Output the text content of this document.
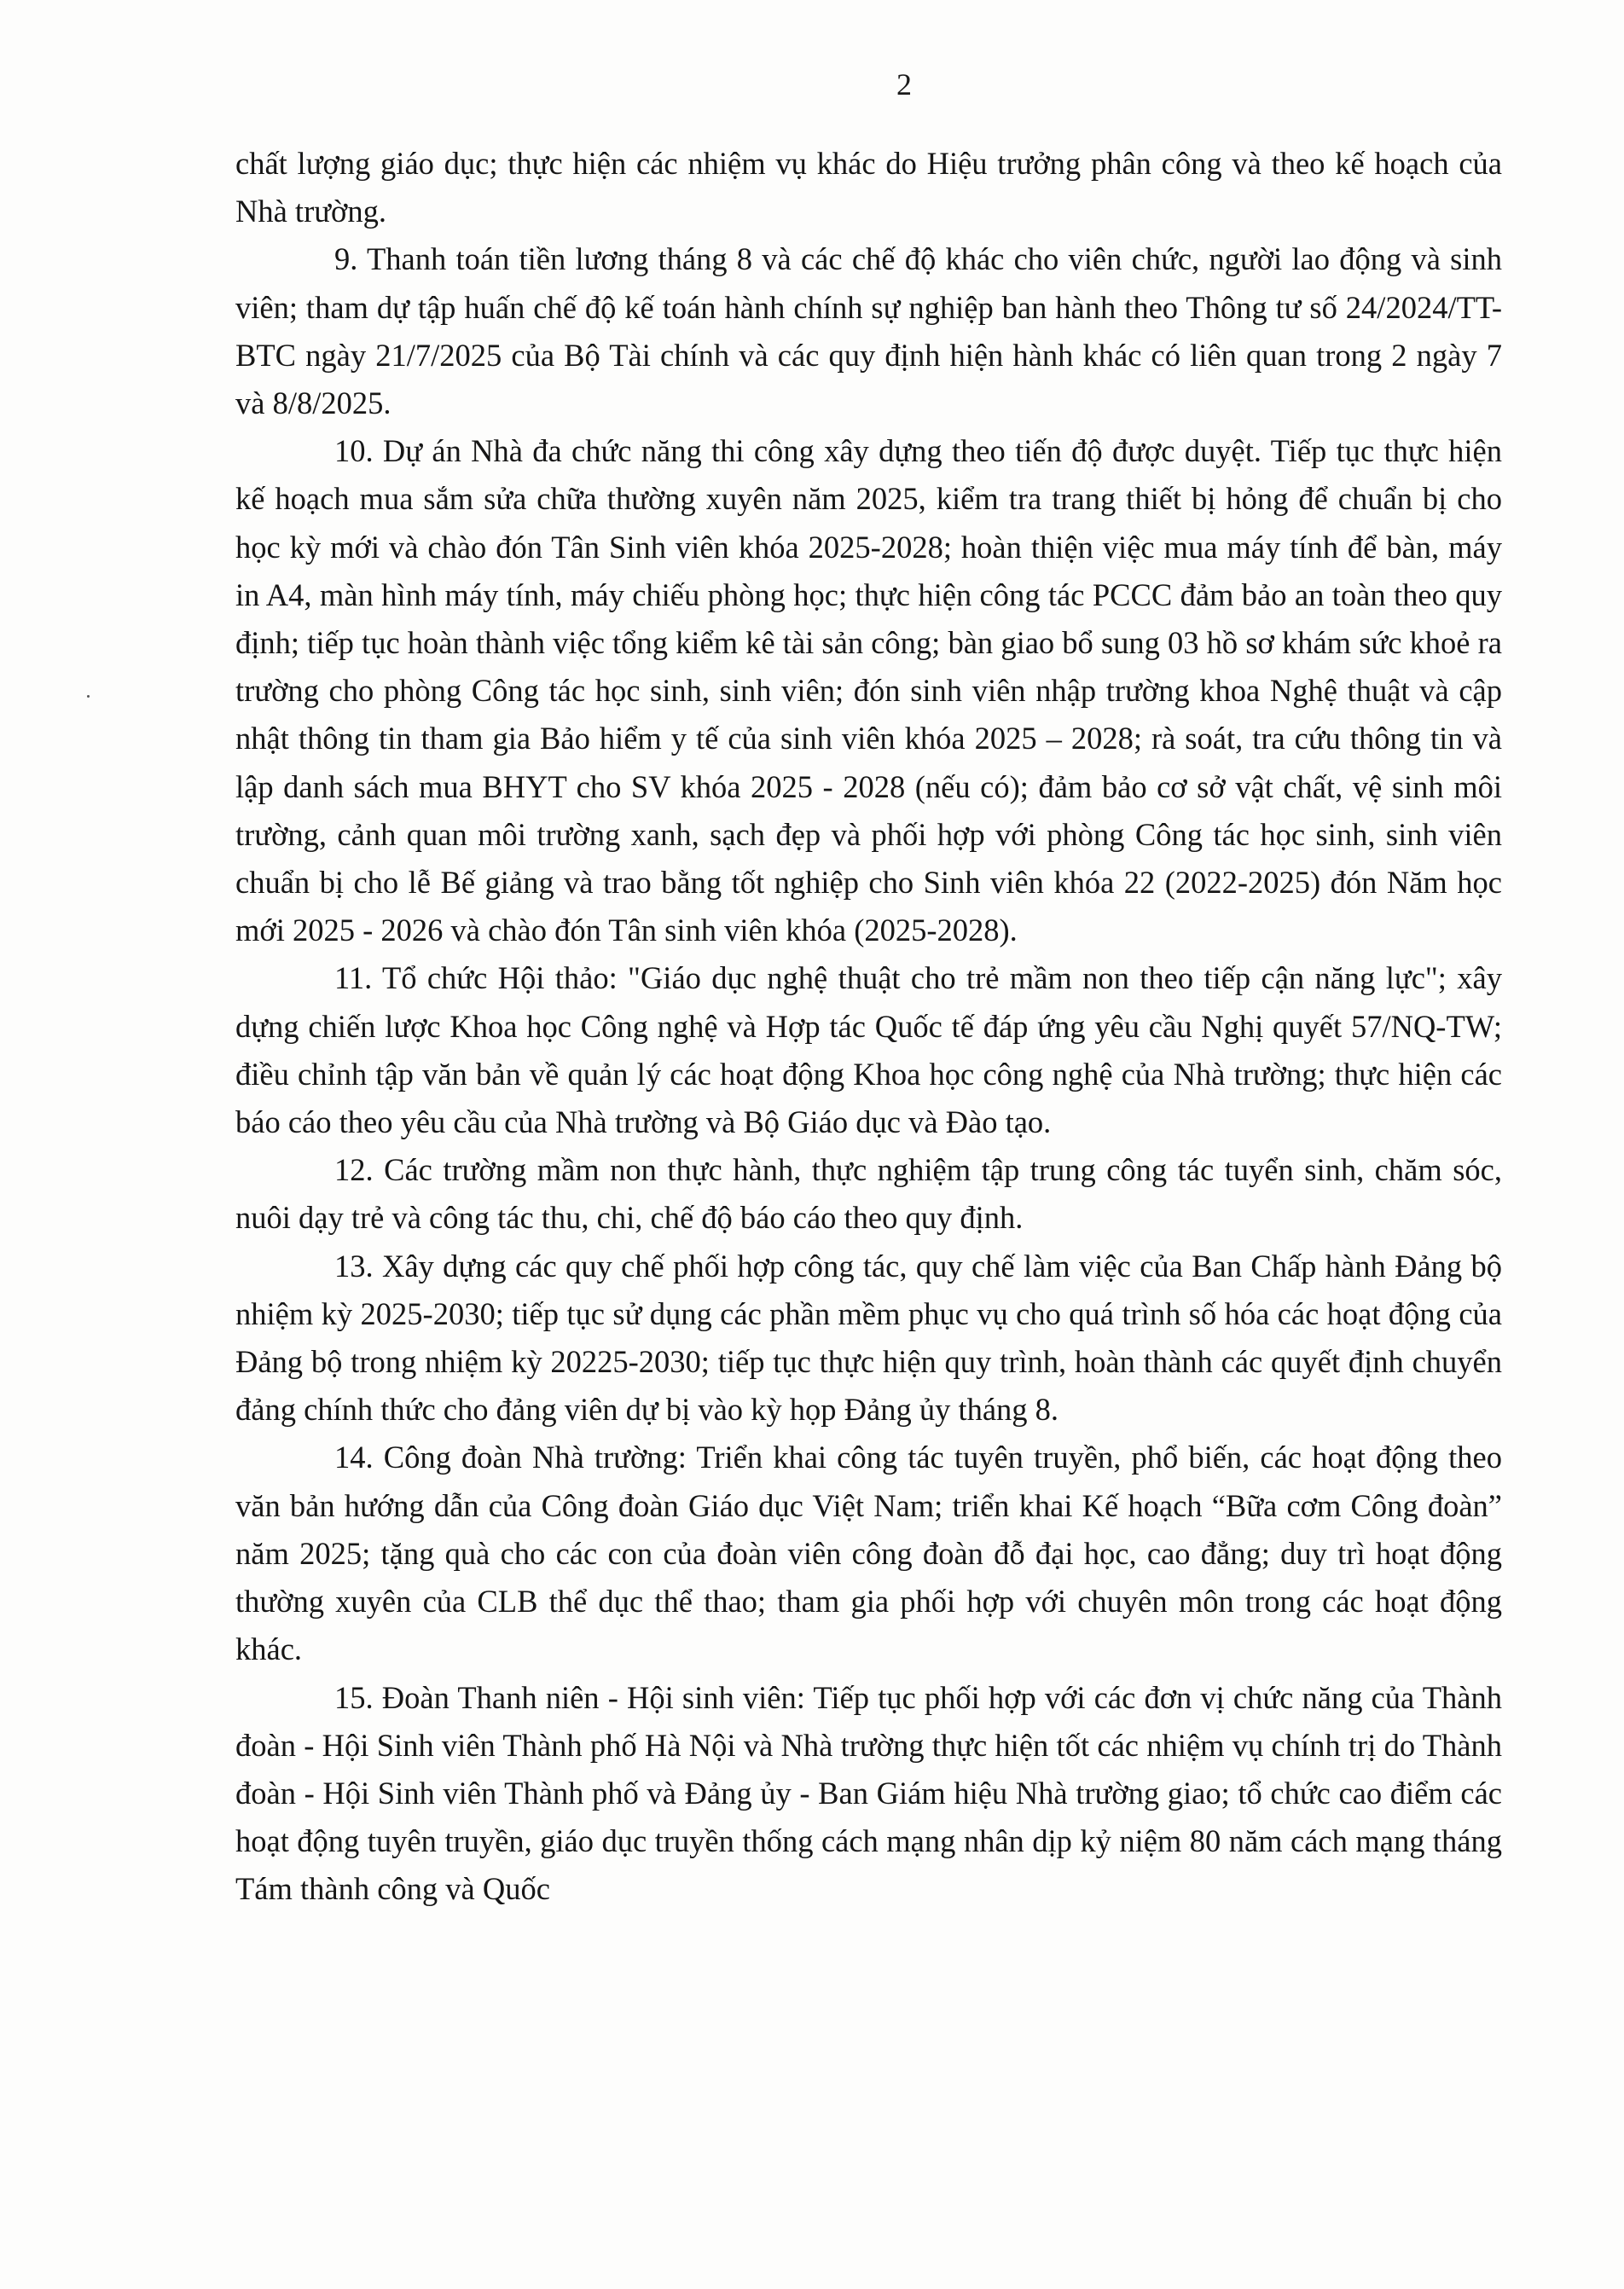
2

chất lượng giáo dục; thực hiện các nhiệm vụ khác do Hiệu trưởng phân công và theo kế hoạch của Nhà trường.

9. Thanh toán tiền lương tháng 8 và các chế độ khác cho viên chức, người lao động và sinh viên; tham dự tập huấn chế độ kế toán hành chính sự nghiệp ban hành theo Thông tư số 24/2024/TT-BTC ngày 21/7/2025 của Bộ Tài chính và các quy định hiện hành khác có liên quan trong 2 ngày 7 và 8/8/2025.

10. Dự án Nhà đa chức năng thi công xây dựng theo tiến độ được duyệt. Tiếp tục thực hiện kế hoạch mua sắm sửa chữa thường xuyên năm 2025, kiểm tra trang thiết bị hỏng để chuẩn bị cho học kỳ mới và chào đón Tân Sinh viên khóa 2025-2028; hoàn thiện việc mua máy tính để bàn, máy in A4, màn hình máy tính, máy chiếu phòng học; thực hiện công tác PCCC đảm bảo an toàn theo quy định; tiếp tục hoàn thành việc tổng kiểm kê tài sản công; bàn giao bổ sung 03 hồ sơ khám sức khoẻ ra trường cho phòng Công tác học sinh, sinh viên; đón sinh viên nhập trường khoa Nghệ thuật và cập nhật thông tin tham gia Bảo hiểm y tế của sinh viên khóa 2025 – 2028; rà soát, tra cứu thông tin và lập danh sách mua BHYT cho SV khóa 2025 - 2028 (nếu có); đảm bảo cơ sở vật chất, vệ sinh môi trường, cảnh quan môi trường xanh, sạch đẹp và phối hợp với phòng Công tác học sinh, sinh viên chuẩn bị cho lễ Bế giảng và trao bằng tốt nghiệp cho Sinh viên khóa 22 (2022-2025) đón Năm học mới 2025 - 2026 và chào đón Tân sinh viên khóa (2025-2028).

11. Tổ chức Hội thảo: "Giáo dục nghệ thuật cho trẻ mầm non theo tiếp cận năng lực"; xây dựng chiến lược Khoa học Công nghệ và Hợp tác Quốc tế đáp ứng yêu cầu Nghị quyết 57/NQ-TW; điều chỉnh tập văn bản về quản lý các hoạt động Khoa học công nghệ của Nhà trường; thực hiện các báo cáo theo yêu cầu của Nhà trường và Bộ Giáo dục và Đào tạo.

12. Các trường mầm non thực hành, thực nghiệm tập trung công tác tuyển sinh, chăm sóc, nuôi dạy trẻ và công tác thu, chi, chế độ báo cáo theo quy định.

13. Xây dựng các quy chế phối hợp công tác, quy chế làm việc của Ban Chấp hành Đảng bộ nhiệm kỳ 2025-2030; tiếp tục sử dụng các phần mềm phục vụ cho quá trình số hóa các hoạt động của Đảng bộ trong nhiệm kỳ 20225-2030; tiếp tục thực hiện quy trình, hoàn thành các quyết định chuyển đảng chính thức cho đảng viên dự bị vào kỳ họp Đảng ủy tháng 8.

14. Công đoàn Nhà trường: Triển khai công tác tuyên truyền, phổ biến, các hoạt động theo văn bản hướng dẫn của Công đoàn Giáo dục Việt Nam; triển khai Kế hoạch “Bữa cơm Công đoàn” năm 2025; tặng quà cho các con của đoàn viên công đoàn đỗ đại học, cao đẳng; duy trì hoạt động thường xuyên của CLB thể dục thể thao; tham gia phối hợp với chuyên môn trong các hoạt động khác.

15. Đoàn Thanh niên - Hội sinh viên: Tiếp tục phối hợp với các đơn vị chức năng của Thành đoàn - Hội Sinh viên Thành phố Hà Nội và Nhà trường thực hiện tốt các nhiệm vụ chính trị do Thành đoàn - Hội Sinh viên Thành phố và Đảng ủy - Ban Giám hiệu Nhà trường giao; tổ chức cao điểm các hoạt động tuyên truyền, giáo dục truyền thống cách mạng nhân dịp kỷ niệm 80 năm cách mạng tháng Tám thành công và Quốc
